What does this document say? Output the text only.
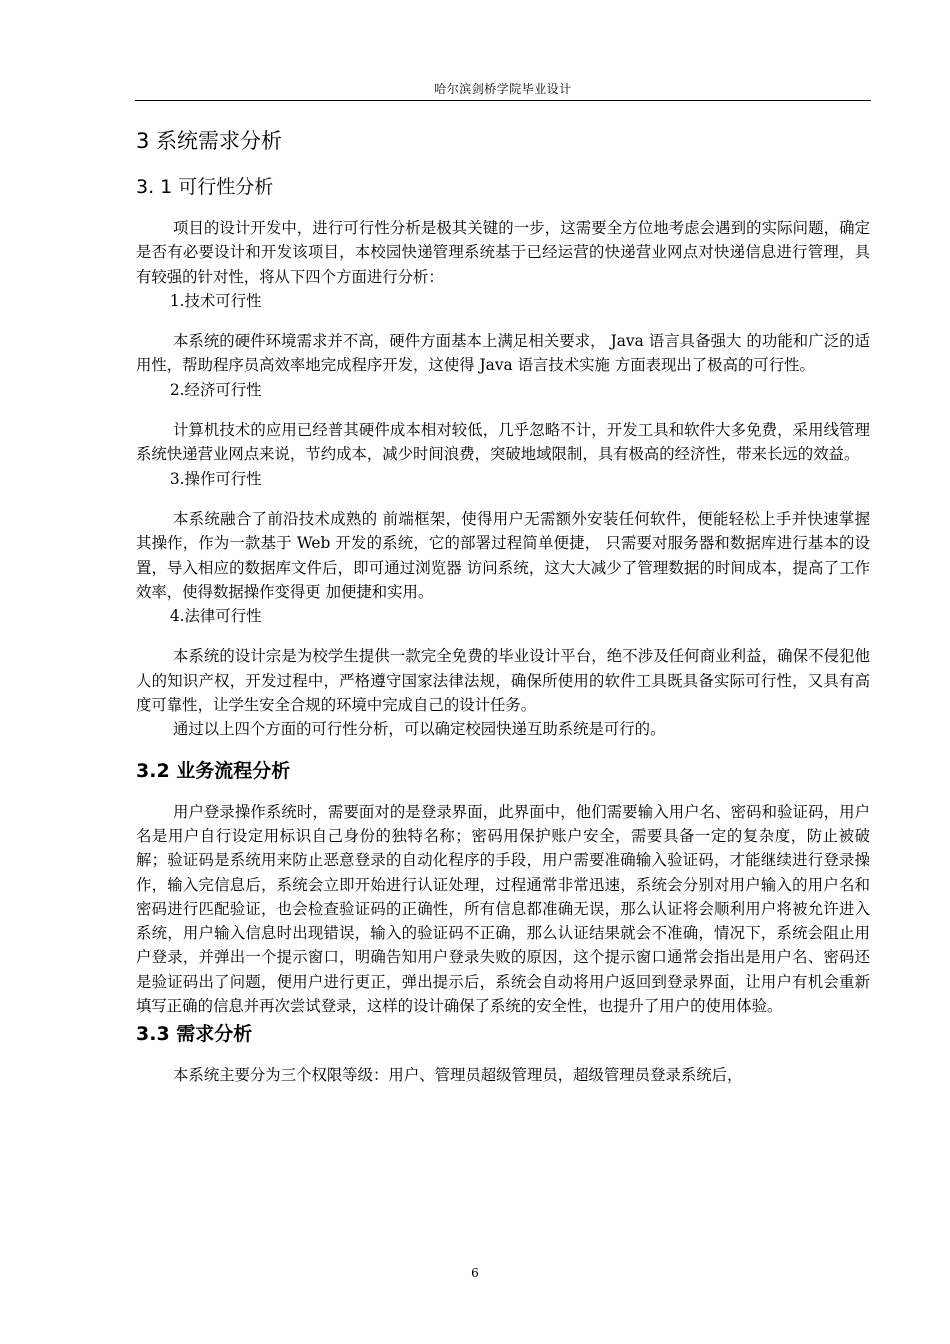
哈尔滨剑桥学院毕业设计
3 系统需求分析
3. 1 可行性分析

项目的设计开发中，进行可行性分析是极其关键的一步，这需要全方位地考虑会遇到的实际问题，确定是否有必要设计和开发该项目，本校园快递管理系统基于已经运营的快递营业网点对快递信息进行管理，具有较强的针对性，将从下四个方面进行分析：

1.技术可行性

本系统的硬件环境需求并不高，硬件方面基本上满足相关要求， Java 语言具备强大 的功能和广泛的适用性，帮助程序员高效率地完成程序开发，这使得 Java 语言技术实施 方面表现出了极高的可行性。

2.经济可行性

计算机技术的应用已经普其硬件成本相对较低，几乎忽略不计，开发工具和软件大多免费，采用线管理系统快递营业网点来说，节约成本，减少时间浪费，突破地域限制，具有极高的经济性，带来长远的效益。

3.操作可行性

本系统融合了前沿技术成熟的 前端框架，使得用户无需额外安装任何软件，便能轻松上手并快速掌握其操作，作为一款基于 Web 开发的系统，它的部署过程简单便捷， 只需要对服务器和数据库进行基本的设置，导入相应的数据库文件后，即可通过浏览器 访问系统，这大大减少了管理数据的时间成本，提高了工作效率，使得数据操作变得更 加便捷和实用。

4.法律可行性

本系统的设计宗是为校学生提供一款完全免费的毕业设计平台，绝不涉及任何商业利益，确保不侵犯他人的知识产权，开发过程中，严格遵守国家法律法规，确保所使用的软件工具既具备实际可行性，又具有高度可靠性，让学生安全合规的环境中完成自己的设计任务。

通过以上四个方面的可行性分析，可以确定校园快递互助系统是可行的。

3.2 业务流程分析

用户登录操作系统时，需要面对的是登录界面，此界面中，他们需要输入用户名、密码和验证码，用户名是用户自行设定用标识自己身份的独特名称；密码用保护账户安全，需要具备一定的复杂度，防止被破解；验证码是系统用来防止恶意登录的自动化程序的手段，用户需要准确输入验证码，才能继续进行登录操作，输入完信息后，系统会立即开始进行认证处理，过程通常非常迅速，系统会分别对用户输入的用户名和密码进行匹配验证，也会检查验证码的正确性，所有信息都准确无误，那么认证将会顺利用户将被允许进入系统，用户输入信息时出现错误，输入的验证码不正确，那么认证结果就会不准确，情况下，系统会阻止用户登录，并弹出一个提示窗口，明确告知用户登录失败的原因，这个提示窗口通常会指出是用户名、密码还是验证码出了问题，便用户进行更正，弹出提示后，系统会自动将用户返回到登录界面，让用户有机会重新填写正确的信息并再次尝试登录，这样的设计确保了系统的安全性，也提升了用户的使用体验。

3.3 需求分析

本系统主要分为三个权限等级：用户、管理员超级管理员，超级管理员登录系统后，

6
